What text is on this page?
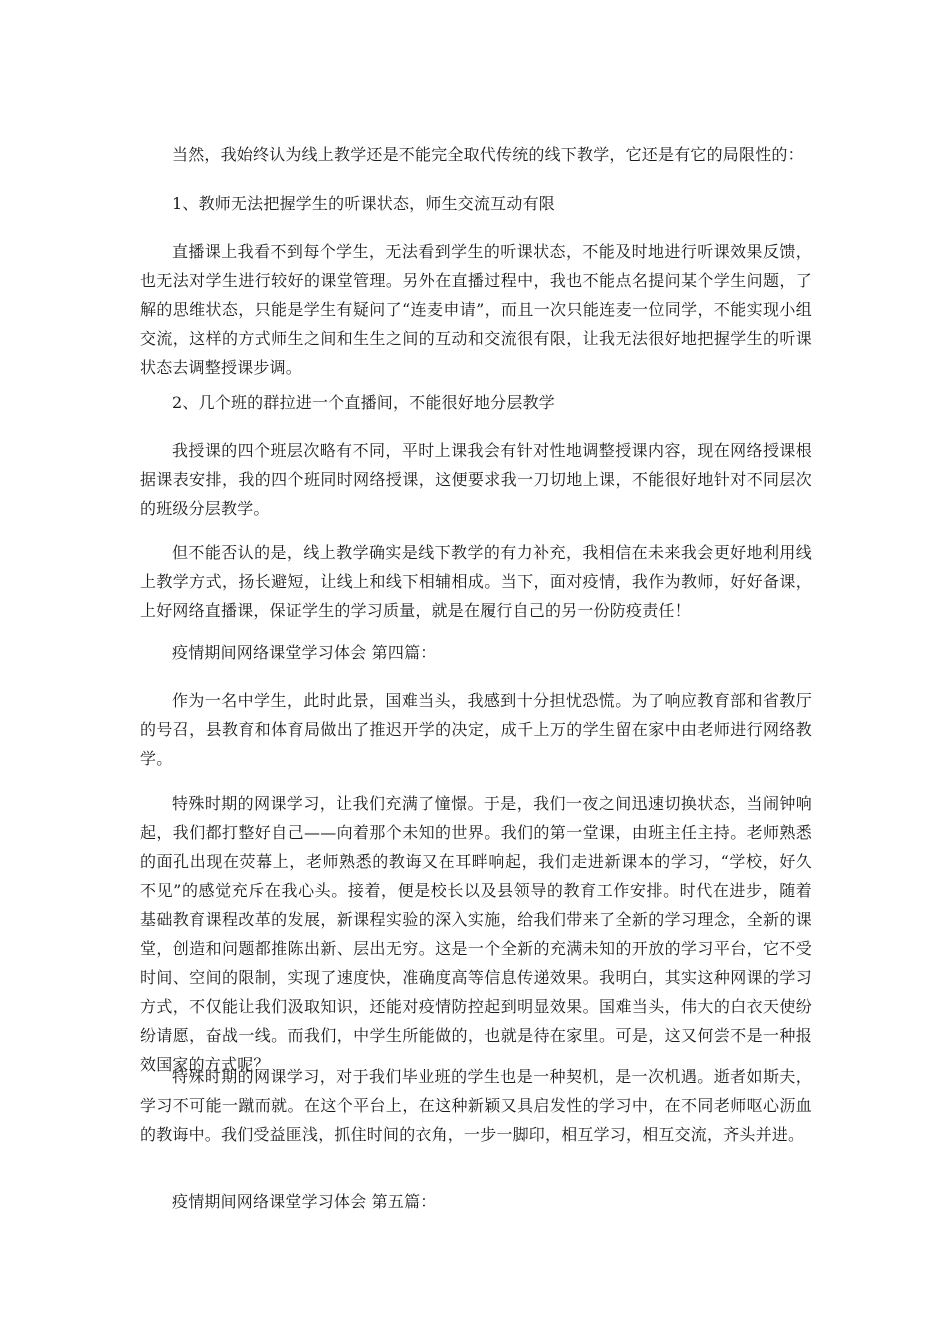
当然，我始终认为线上教学还是不能完全取代传统的线下教学，它还是有它的局限性的：

1、教师无法把握学生的听课状态，师生交流互动有限

直播课上我看不到每个学生，无法看到学生的听课状态，不能及时地进行听课效果反馈，也无法对学生进行较好的课堂管理。另外在直播过程中，我也不能点名提问某个学生问题，了解的思维状态，只能是学生有疑问了“连麦申请”，而且一次只能连麦一位同学，不能实现小组交流，这样的方式师生之间和生生之间的互动和交流很有限，让我无法很好地把握学生的听课状态去调整授课步调。

2、几个班的群拉进一个直播间，不能很好地分层教学

我授课的四个班层次略有不同，平时上课我会有针对性地调整授课内容，现在网络授课根据课表安排，我的四个班同时网络授课，这便要求我一刀切地上课，不能很好地针对不同层次的班级分层教学。

但不能否认的是，线上教学确实是线下教学的有力补充，我相信在未来我会更好地利用线上教学方式，扬长避短，让线上和线下相辅相成。当下，面对疫情，我作为教师，好好备课，上好网络直播课，保证学生的学习质量，就是在履行自己的另一份防疫责任！

疫情期间网络课堂学习体会 第四篇：

作为一名中学生，此时此景，国难当头，我感到十分担忧恐慌。为了响应教育部和省教厅的号召，县教育和体育局做出了推迟开学的决定，成千上万的学生留在家中由老师进行网络教学。

特殊时期的网课学习，让我们充满了憧憬。于是，我们一夜之间迅速切换状态，当闹钟响起，我们都打整好自己——向着那个未知的世界。我们的第一堂课，由班主任主持。老师熟悉的面孔出现在荧幕上，老师熟悉的教诲又在耳畔响起，我们走进新课本的学习，“学校，好久不见”的感觉充斥在我心头。接着，便是校长以及县领导的教育工作安排。时代在进步，随着基础教育课程改革的发展，新课程实验的深入实施，给我们带来了全新的学习理念，全新的课堂，创造和问题都推陈出新、层出无穷。这是一个全新的充满未知的开放的学习平台，它不受时间、空间的限制，实现了速度快，准确度高等信息传递效果。我明白，其实这种网课的学习方式，不仅能让我们汲取知识，还能对疫情防控起到明显效果。国难当头，伟大的白衣天使纷纷请愿，奋战一线。而我们，中学生所能做的，也就是待在家里。可是，这又何尝不是一种报效国家的方式呢？

特殊时期的网课学习，对于我们毕业班的学生也是一种契机，是一次机遇。逝者如斯夫，学习不可能一蹴而就。在这个平台上，在这种新颖又具启发性的学习中，在不同老师呕心沥血的教诲中。我们受益匪浅，抓住时间的衣角，一步一脚印，相互学习，相互交流，齐头并进。

疫情期间网络课堂学习体会 第五篇：
